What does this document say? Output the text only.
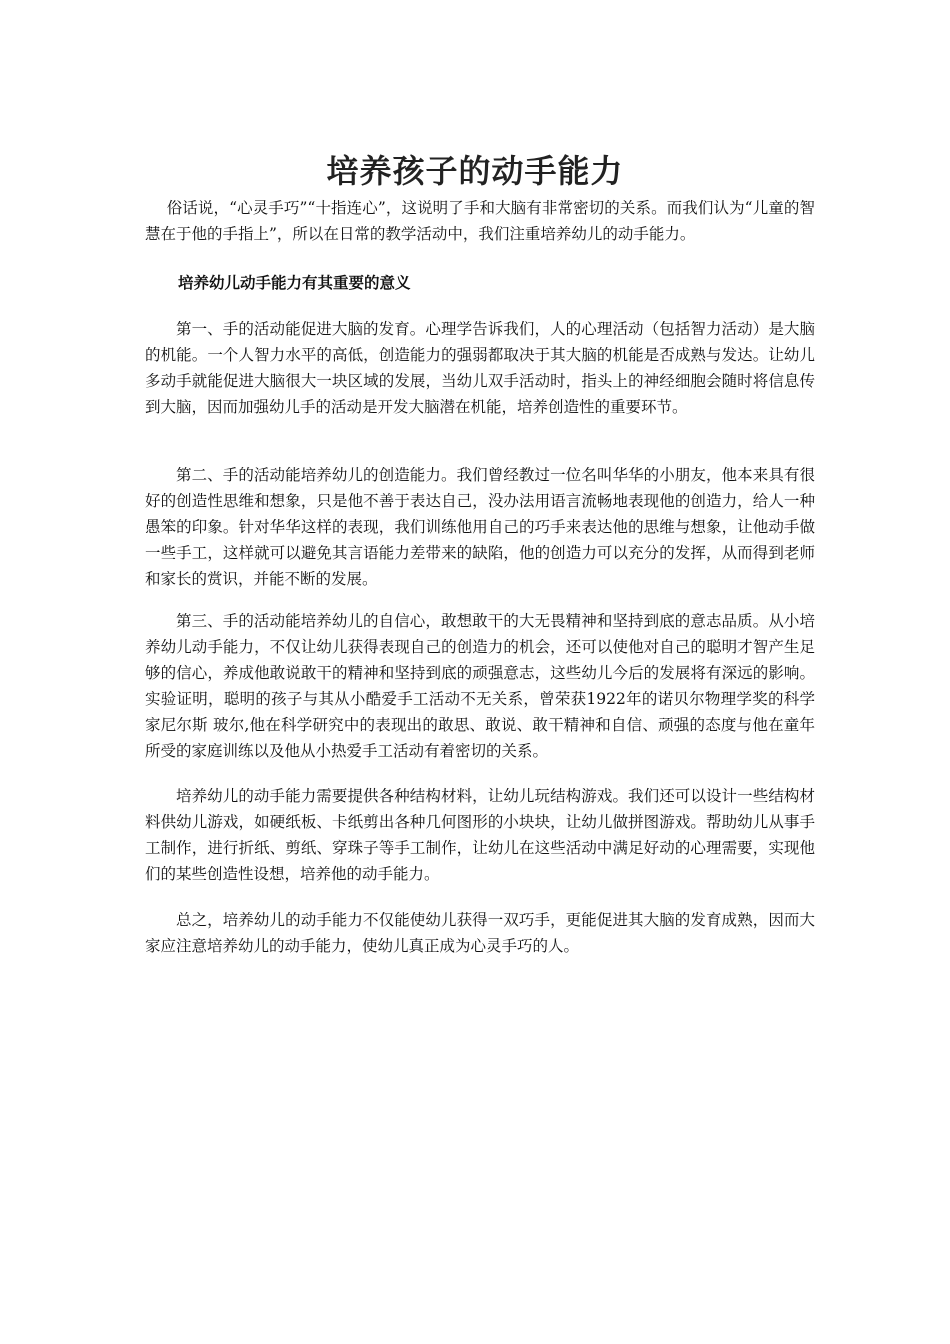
培养孩子的动手能力

俗话说，“心灵手巧”“十指连心”，这说明了手和大脑有非常密切的关系。而我们认为“儿童的智慧在于他的手指上”，所以在日常的教学活动中，我们注重培养幼儿的动手能力。

培养幼儿动手能力有其重要的意义

第一、手的活动能促进大脑的发育。心理学告诉我们，人的心理活动（包括智力活动）是大脑的机能。一个人智力水平的高低，创造能力的强弱都取决于其大脑的机能是否成熟与发达。让幼儿多动手就能促进大脑很大一块区域的发展，当幼儿双手活动时，指头上的神经细胞会随时将信息传到大脑，因而加强幼儿手的活动是开发大脑潜在机能，培养创造性的重要环节。

第二、手的活动能培养幼儿的创造能力。我们曾经教过一位名叫华华的小朋友，他本来具有很好的创造性思维和想象，只是他不善于表达自己，没办法用语言流畅地表现他的创造力，给人一种愚笨的印象。针对华华这样的表现，我们训练他用自己的巧手来表达他的思维与想象，让他动手做一些手工，这样就可以避免其言语能力差带来的缺陷，他的创造力可以充分的发挥，从而得到老师和家长的赏识，并能不断的发展。

第三、手的活动能培养幼儿的自信心，敢想敢干的大无畏精神和坚持到底的意志品质。从小培养幼儿动手能力，不仅让幼儿获得表现自己的创造力的机会，还可以使他对自己的聪明才智产生足够的信心，养成他敢说敢干的精神和坚持到底的顽强意志，这些幼儿今后的发展将有深远的影响。实验证明，聪明的孩子与其从小酷爱手工活动不无关系，曾荣获1922年的诺贝尔物理学奖的科学家尼尔斯 玻尔,他在科学研究中的表现出的敢思、敢说、敢干精神和自信、顽强的态度与他在童年所受的家庭训练以及他从小热爱手工活动有着密切的关系。

培养幼儿的动手能力需要提供各种结构材料，让幼儿玩结构游戏。我们还可以设计一些结构材料供幼儿游戏，如硬纸板、卡纸剪出各种几何图形的小块块，让幼儿做拼图游戏。帮助幼儿从事手工制作，进行折纸、剪纸、穿珠子等手工制作，让幼儿在这些活动中满足好动的心理需要，实现他们的某些创造性设想，培养他的动手能力。

总之，培养幼儿的动手能力不仅能使幼儿获得一双巧手，更能促进其大脑的发育成熟，因而大家应注意培养幼儿的动手能力，使幼儿真正成为心灵手巧的人。
